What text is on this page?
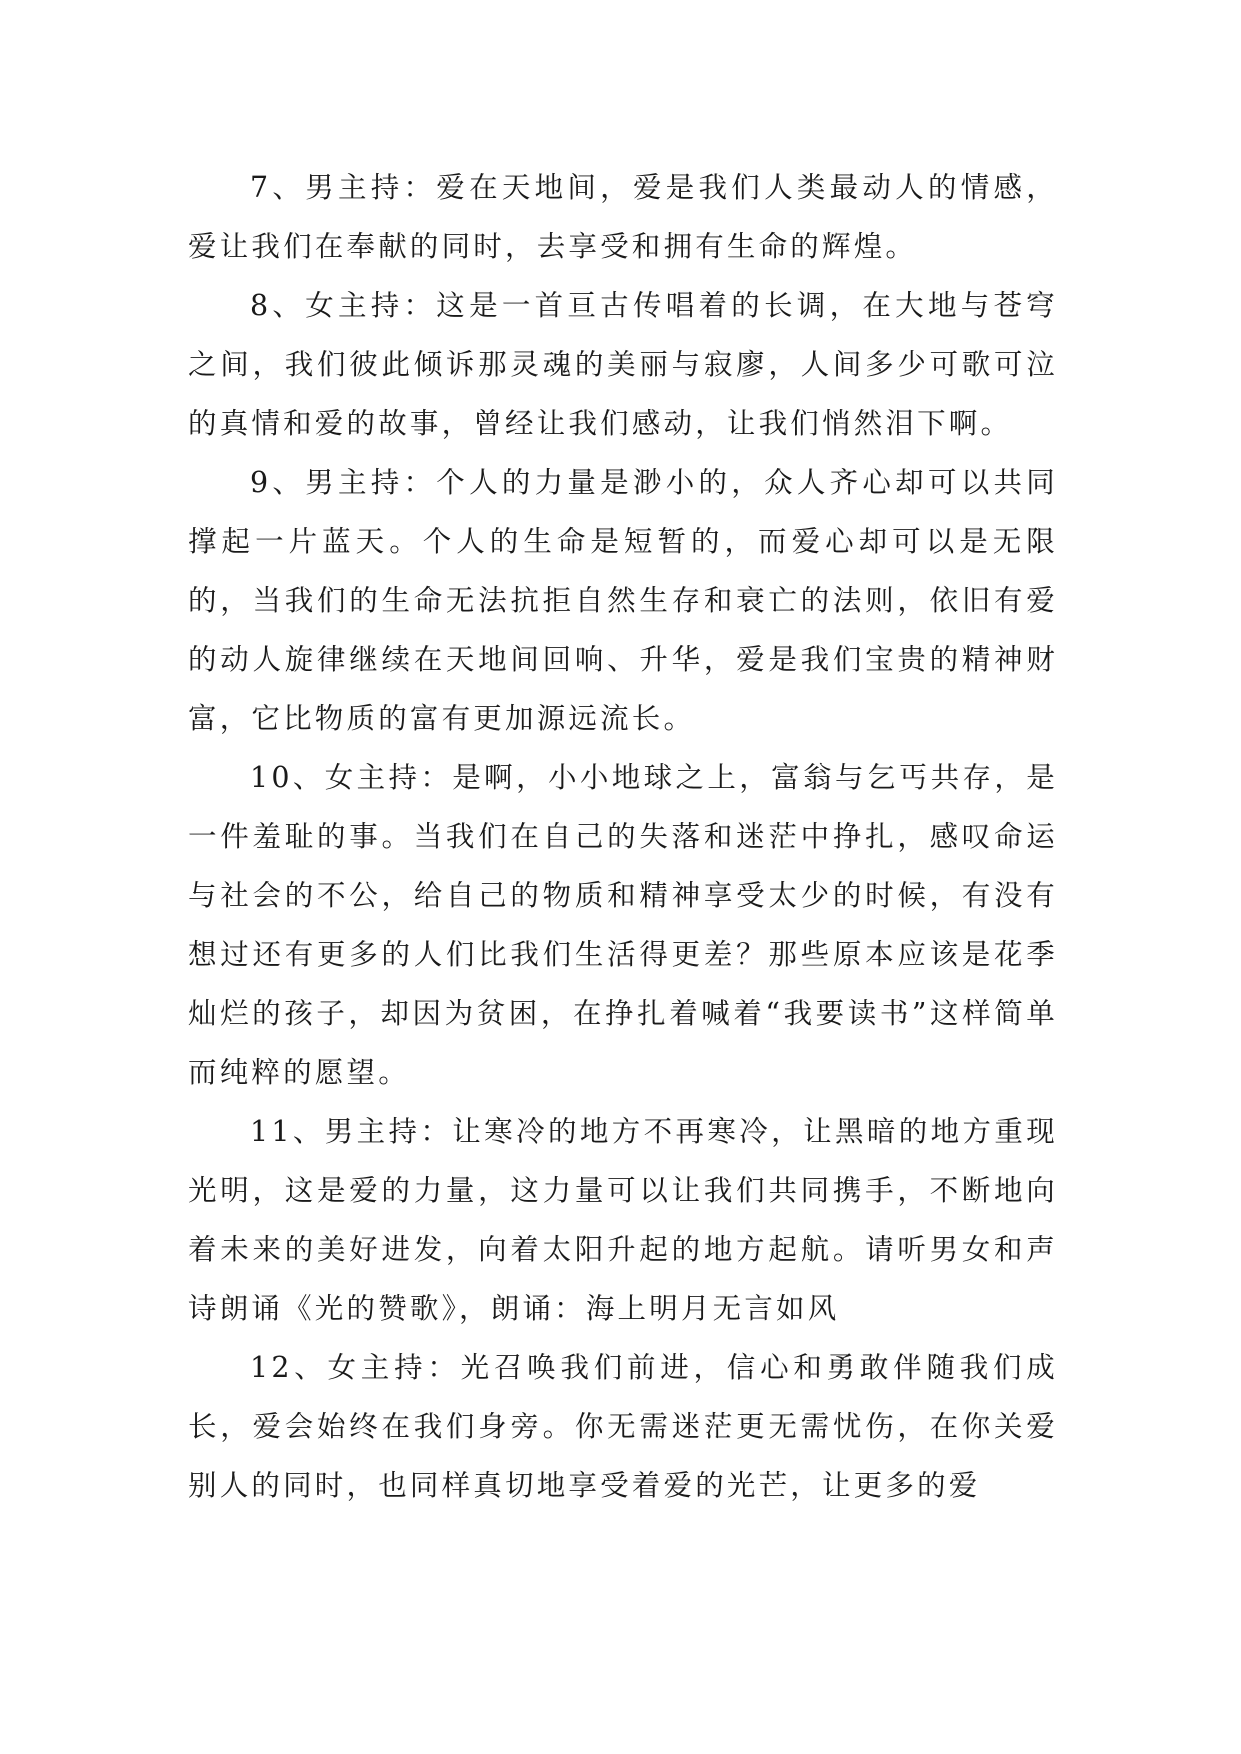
7、男主持：爱在天地间，爱是我们人类最动人的情感，爱让我们在奉献的同时，去享受和拥有生命的辉煌。

8、女主持：这是一首亘古传唱着的长调，在大地与苍穹之间，我们彼此倾诉那灵魂的美丽与寂廖，人间多少可歌可泣的真情和爱的故事，曾经让我们感动，让我们悄然泪下啊。

9、男主持：个人的力量是渺小的，众人齐心却可以共同撑起一片蓝天。个人的生命是短暂的，而爱心却可以是无限的，当我们的生命无法抗拒自然生存和衰亡的法则，依旧有爱的动人旋律继续在天地间回响、升华，爱是我们宝贵的精神财富，它比物质的富有更加源远流长。

10、女主持：是啊，小小地球之上，富翁与乞丐共存，是一件羞耻的事。当我们在自己的失落和迷茫中挣扎，感叹命运与社会的不公，给自己的物质和精神享受太少的时候，有没有想过还有更多的人们比我们生活得更差？那些原本应该是花季灿烂的孩子，却因为贫困，在挣扎着喊着“我要读书”这样简单而纯粹的愿望。

11、男主持：让寒冷的地方不再寒冷，让黑暗的地方重现光明，这是爱的力量，这力量可以让我们共同携手，不断地向着未来的美好进发，向着太阳升起的地方起航。请听男女和声诗朗诵《光的赞歌》，朗诵：海上明月无言如风

12、女主持：光召唤我们前进，信心和勇敢伴随我们成长，爱会始终在我们身旁。你无需迷茫更无需忧伤，在你关爱别人的同时，也同样真切地享受着爱的光芒，让更多的爱
